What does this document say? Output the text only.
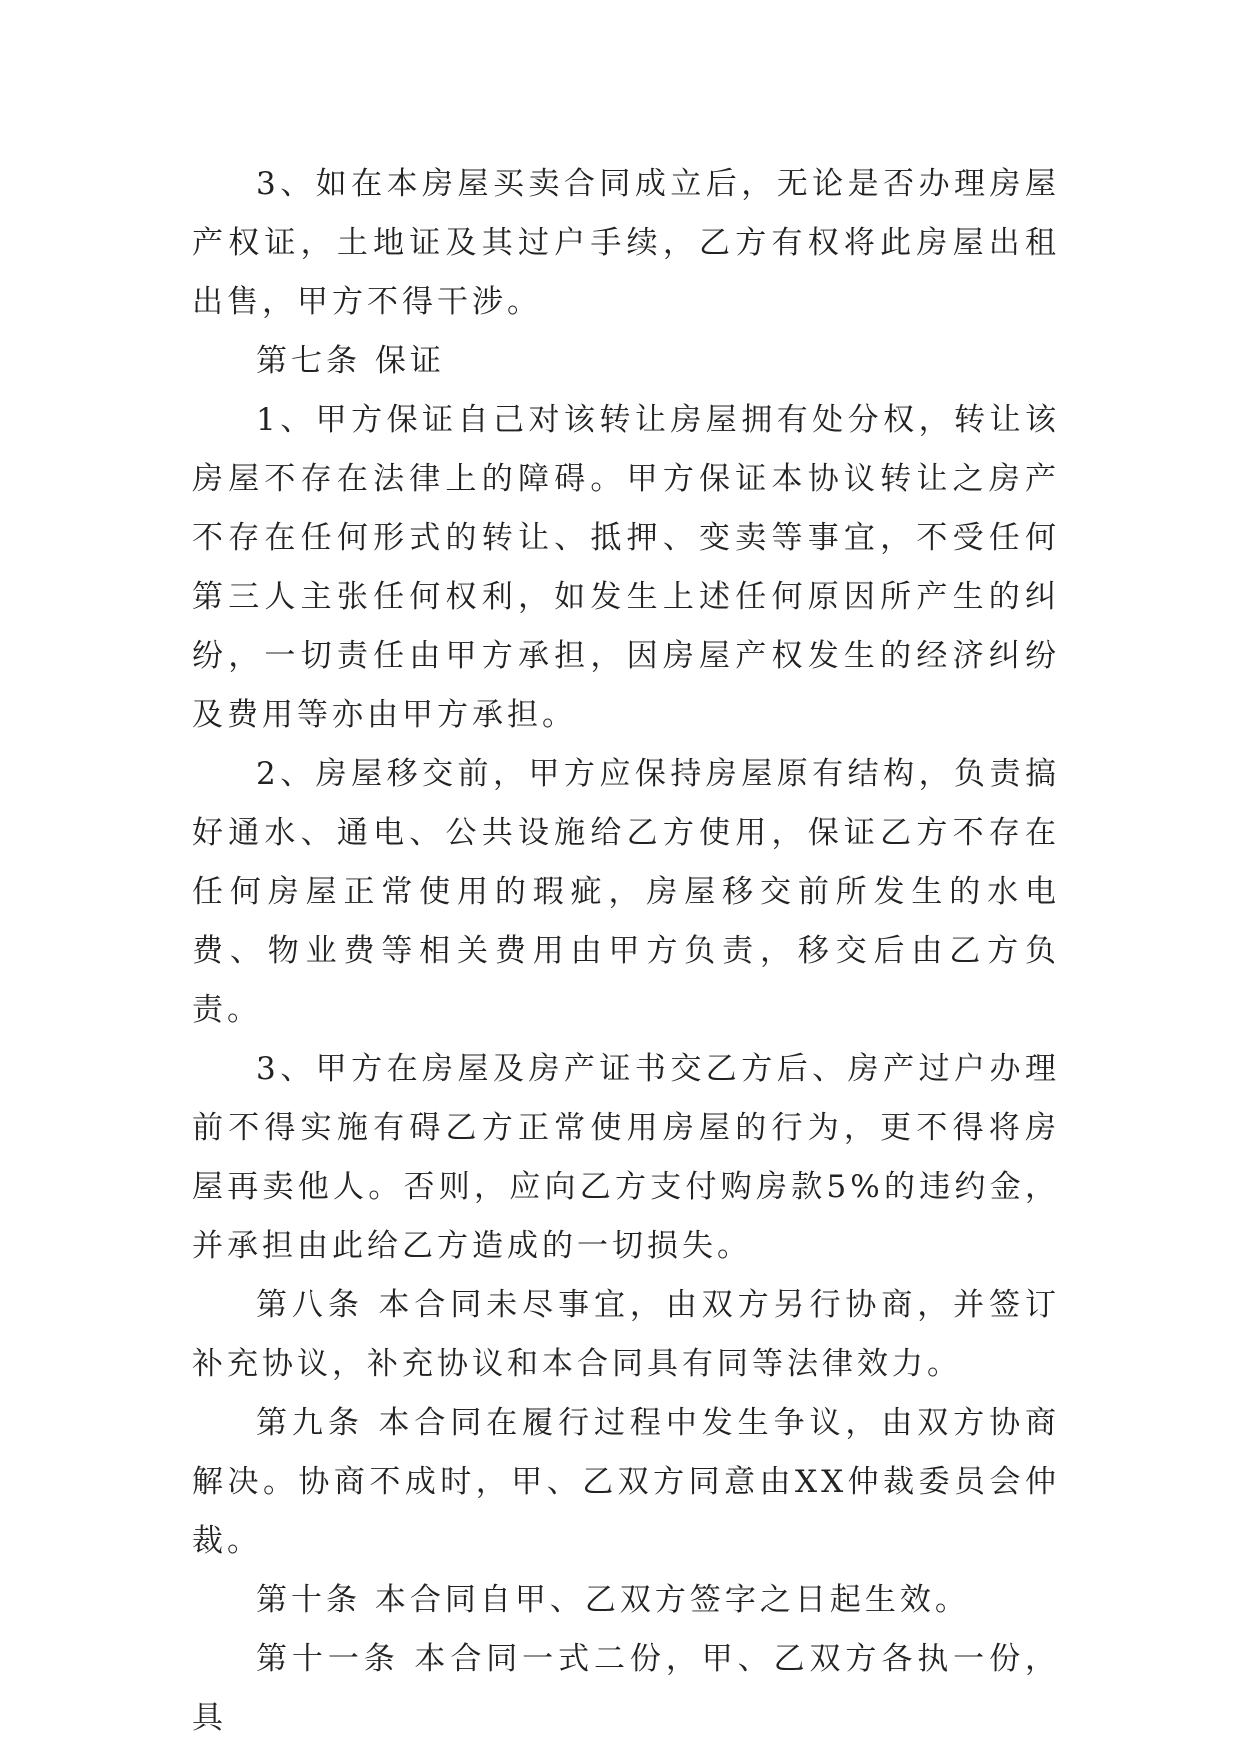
3、如在本房屋买卖合同成立后，无论是否办理房屋产权证，土地证及其过户手续，乙方有权将此房屋出租出售，甲方不得干涉。

第七条 保证

1、甲方保证自己对该转让房屋拥有处分权，转让该房屋不存在法律上的障碍。甲方保证本协议转让之房产不存在任何形式的转让、抵押、变卖等事宜，不受任何第三人主张任何权利，如发生上述任何原因所产生的纠纷，一切责任由甲方承担，因房屋产权发生的经济纠纷及费用等亦由甲方承担。

2、房屋移交前，甲方应保持房屋原有结构，负责搞好通水、通电、公共设施给乙方使用，保证乙方不存在任何房屋正常使用的瑕疵，房屋移交前所发生的水电费、物业费等相关费用由甲方负责，移交后由乙方负责。

3、甲方在房屋及房产证书交乙方后、房产过户办理前不得实施有碍乙方正常使用房屋的行为，更不得将房屋再卖他人。否则，应向乙方支付购房款5%的违约金，并承担由此给乙方造成的一切损失。

第八条 本合同未尽事宜，由双方另行协商，并签订补充协议，补充协议和本合同具有同等法律效力。

第九条 本合同在履行过程中发生争议，由双方协商解决。协商不成时，甲、乙双方同意由XX仲裁委员会仲裁。

第十条 本合同自甲、乙双方签字之日起生效。

第十一条 本合同一式二份，甲、乙双方各执一份，具
